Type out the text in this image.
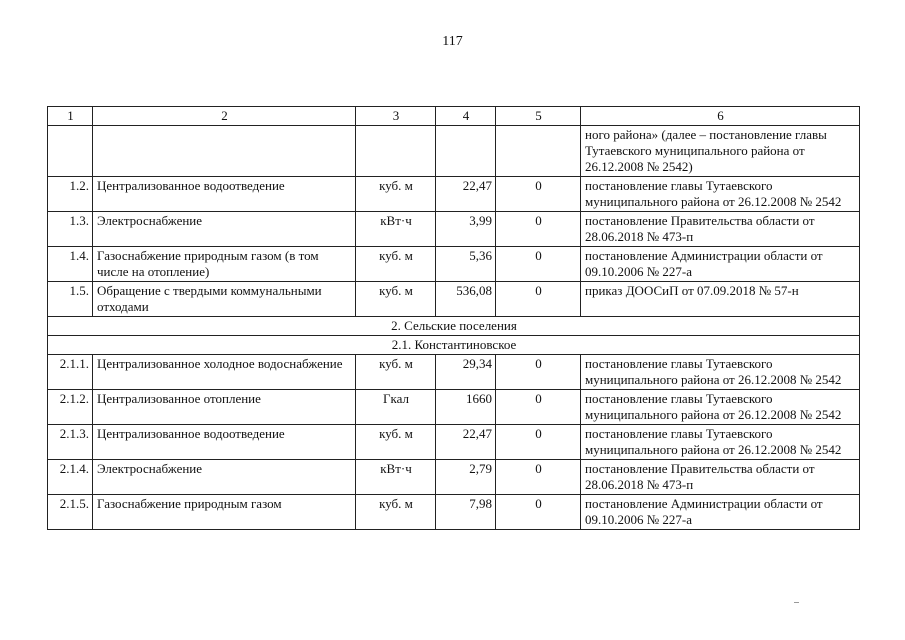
117
1	2	3	4	5	6
					ного района» (далее – постановление главы Тутаевского муниципального района от 26.12.2008 № 2542)
1.2.	Централизованное водоотведение	куб. м	22,47	0	постановление главы Тутаевского муниципального района от 26.12.2008 № 2542
1.3.	Электроснабжение	кВт·ч	3,99	0	постановление Правительства области от 28.06.2018 № 473-п
1.4.	Газоснабжение природным газом (в том числе на отопление)	куб. м	5,36	0	постановление Администрации области от 09.10.2006 № 227-а
1.5.	Обращение с твердыми коммунальными отходами	куб. м	536,08	0	приказ ДООСиП от 07.09.2018 № 57-н
2. Сельские поселения					
2.1. Константиновское					
2.1.1.	Централизованное холодное водоснабжение	куб. м	29,34	0	постановление главы Тутаевского муниципального района от 26.12.2008 № 2542
2.1.2.	Централизованное отопление	Гкал	1660	0	постановление главы Тутаевского муниципального района от 26.12.2008 № 2542
2.1.3.	Централизованное водоотведение	куб. м	22,47	0	постановление главы Тутаевского муниципального района от 26.12.2008 № 2542
2.1.4.	Электроснабжение	кВт·ч	2,79	0	постановление Правительства области от 28.06.2018 № 473-п
2.1.5.	Газоснабжение природным газом	куб. м	7,98	0	постановление Администрации области от 09.10.2006 № 227-а
